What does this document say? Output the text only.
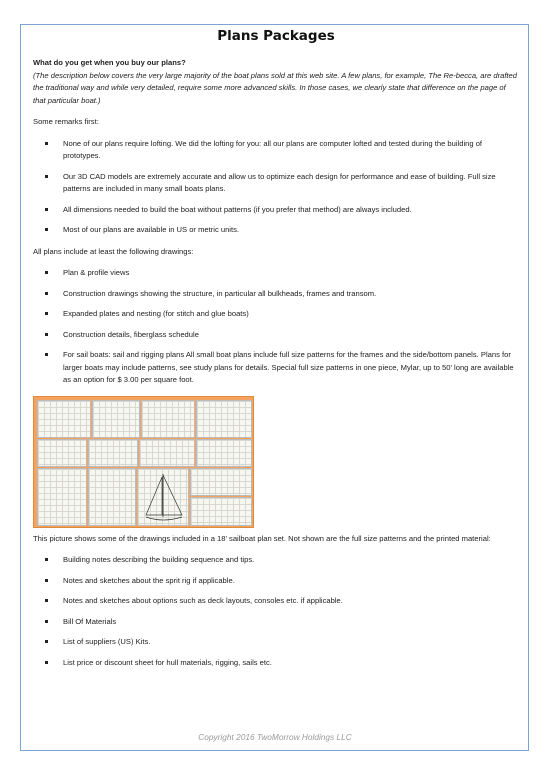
Plans Packages

What do you get when you buy our plans?

(The description below covers the very large majority of the boat plans sold at this web site. A few plans, for example, The Re-becca, are drafted the traditional way and while very detailed, require some more advanced skills. In those cases, we clearly state that difference on the page of that particular boat.)

Some remarks first:

None of our plans require lofting. We did the lofting for you: all our plans are computer lofted and tested during the building of prototypes.
Our 3D CAD models are extremely accurate and allow us to optimize each design for performance and ease of building. Full size patterns are included in many small boats plans.
All dimensions needed to build the boat without patterns (if you prefer that method) are always included.
Most of our plans are available in US or metric units.

All plans include at least the following drawings:

Plan & profile views
Construction drawings showing the structure, in particular all bulkheads, frames and transom.
Expanded plates and nesting (for stitch and glue boats)
Construction details, fiberglass schedule
For sail boats: sail and rigging plans All small boat plans include full size patterns for the frames and the side/bottom panels. Plans for larger boats may include patterns, see study plans for details. Special full size patterns in one piece, Mylar, up to 50' long are available as an option for $ 3.00 per square foot.

This picture shows some of the drawings included in a 18' sailboat plan set. Not shown are the full size patterns and the printed material:

Building notes describing the building sequence and tips.
Notes and sketches about the sprit rig if applicable.
Notes and sketches about options such as deck layouts, consoles etc. if applicable.
Bill Of Materials
List of suppliers (US) Kits.
List price or discount sheet for hull materials, rigging, sails etc.
Copyright 2016 TwoMorrow Holdings LLC
